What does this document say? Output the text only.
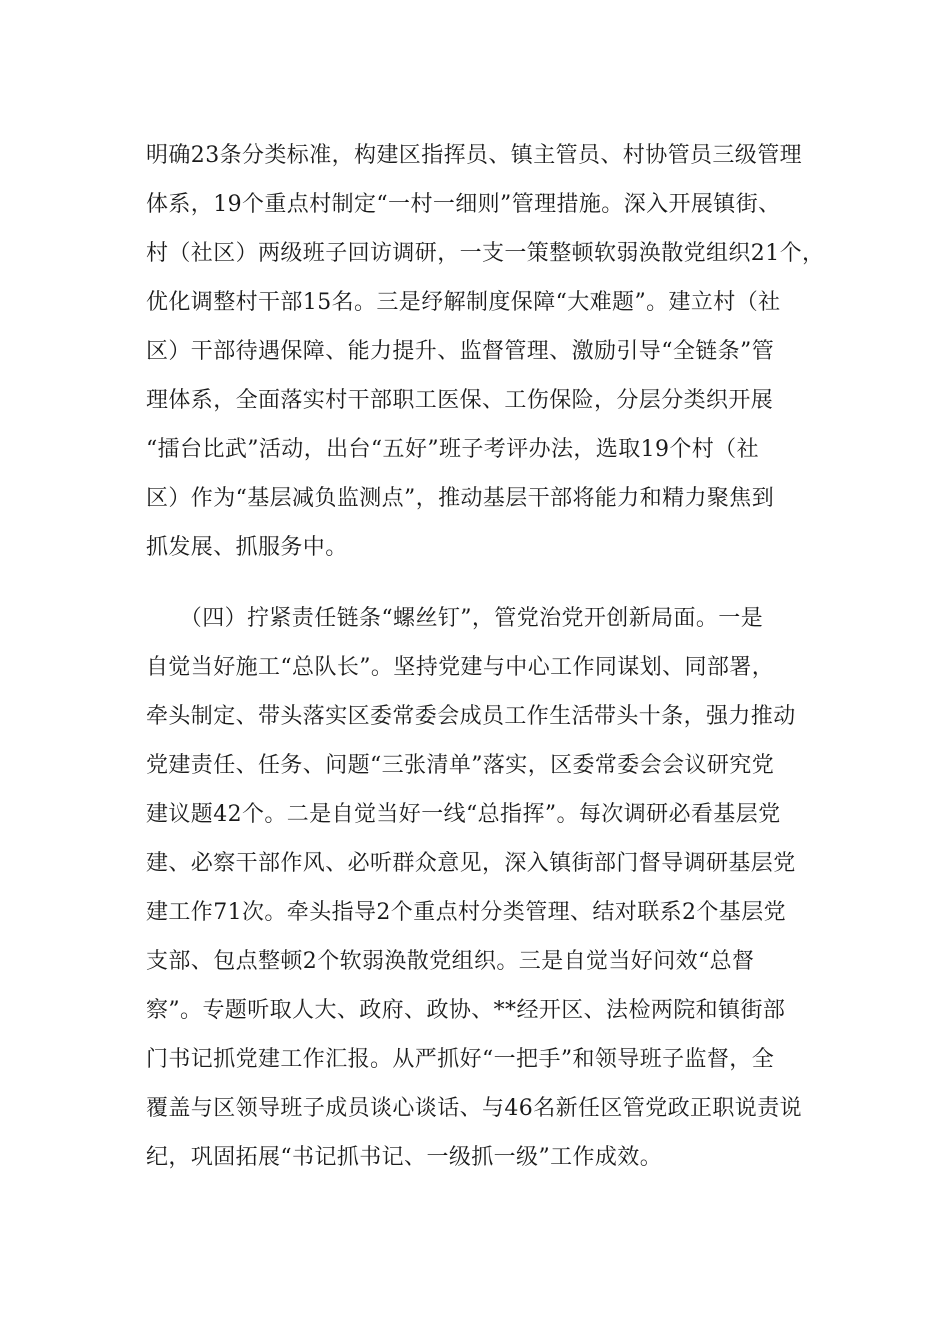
明确23条分类标准，构建区指挥员、镇主管员、村协管员三级管理
体系，19个重点村制定“一村一细则”管理措施。深入开展镇街、
村（社区）两级班子回访调研，一支一策整顿软弱涣散党组织21个，
优化调整村干部15名。三是纾解制度保障“大难题”。建立村（社
区）干部待遇保障、能力提升、监督管理、激励引导“全链条”管
理体系，全面落实村干部职工医保、工伤保险，分层分类织开展
“擂台比武”活动，出台“五好”班子考评办法，选取19个村（社
区）作为“基层减负监测点”，推动基层干部将能力和精力聚焦到
抓发展、抓服务中。
　　（四）拧紧责任链条“螺丝钉”，管党治党开创新局面。一是
自觉当好施工“总队长”。坚持党建与中心工作同谋划、同部署，
牵头制定、带头落实区委常委会成员工作生活带头十条，强力推动
党建责任、任务、问题“三张清单”落实，区委常委会会议研究党
建议题42个。二是自觉当好一线“总指挥”。每次调研必看基层党
建、必察干部作风、必听群众意见，深入镇街部门督导调研基层党
建工作71次。牵头指导2个重点村分类管理、结对联系2个基层党
支部、包点整顿2个软弱涣散党组织。三是自觉当好问效“总督
察”。专题听取人大、政府、政协、**经开区、法检两院和镇街部
门书记抓党建工作汇报。从严抓好“一把手”和领导班子监督，全
覆盖与区领导班子成员谈心谈话、与46名新任区管党政正职说责说
纪，巩固拓展“书记抓书记、一级抓一级”工作成效。
